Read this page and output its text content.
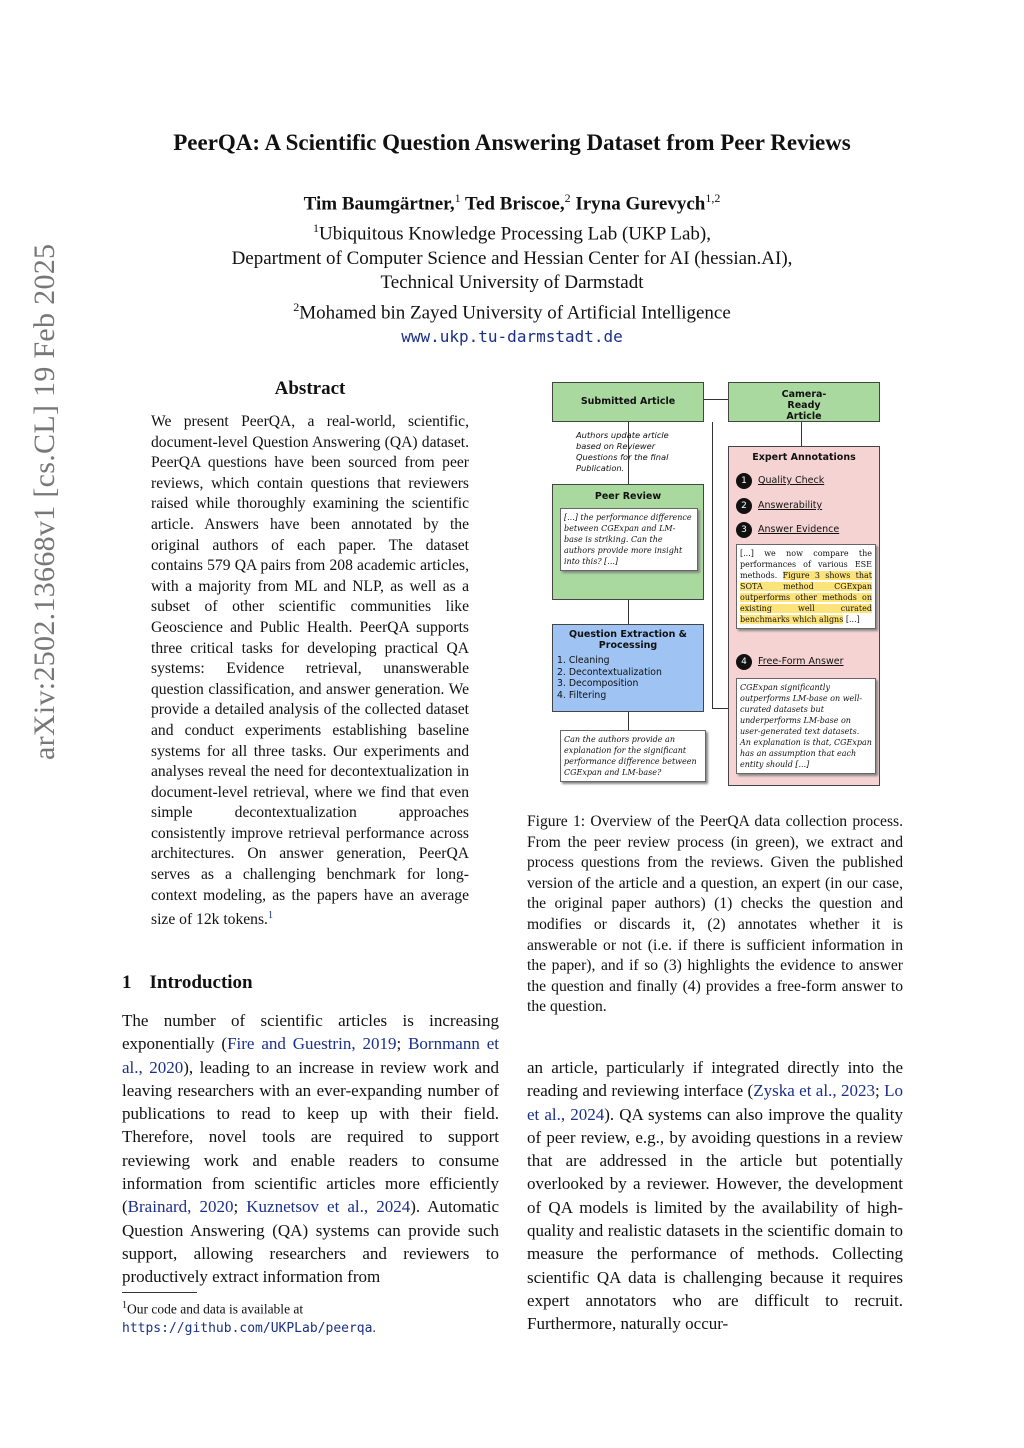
PeerQA: A Scientific Question Answering Dataset from Peer Reviews
Tim Baumgärtner,$^1$ Ted Briscoe,$^2$ Iryna Gurevych$^{1,2}$
$^1$Ubiquitous Knowledge Processing Lab (UKP Lab),
Department of Computer Science and Hessian Center for AI (hessian.AI),
Technical University of Darmstadt
$^2$Mohamed bin Zayed University of Artificial Intelligence
www.ukp.tu-darmstadt.de
arXiv:2502.13668v1 [cs.CL] 19 Feb 2025	Abstract
We present PeerQA, a real-world, scientific, document-level Question Answering (QA) dataset. PeerQA questions have been sourced from peer reviews, which contain questions that reviewers raised while thoroughly examining the scientific article. Answers have been annotated by the original authors of each paper. The dataset contains 579 QA pairs from 208 academic articles, with a majority from ML and NLP, as well as a subset of other scientific communities like Geoscience and Public Health. PeerQA supports three critical tasks for developing practical QA systems: Evidence retrieval, unanswerable question classification, and answer generation. We provide a detailed analysis of the collected dataset and conduct experiments establishing baseline systems for all three tasks. Our experiments and analyses reveal the need for decontextualization in document-level retrieval, where we find that even simple decontextualization approaches consistently improve retrieval performance across architectures. On answer generation, PeerQA serves as a challenging benchmark for long-context modeling, as the papers have an average size of 12k tokens.$^1$
1 Introduction
The number of scientific articles is increasing exponentially (Fire and Guestrin, 2019; Bornmann et al., 2020), leading to an increase in review work and leaving researchers with an ever-expanding number of publications to read to keep up with their field. Therefore, novel tools are required to support reviewing work and enable readers to consume information from scientific articles more efficiently (Brainard, 2020; Kuznetsov et al., 2024). Automatic Question Answering (QA) systems can provide such support, allowing researchers and reviewers to productively extract information from
$^1$Our code and data is available at https://github.com/UKPLab/peerqa.
an article, particularly if integrated directly into the reading and reviewing interface (Zyska et al., 2023; Lo et al., 2024). QA systems can also improve the quality of peer review, e.g., by avoiding questions in a review that are addressed in the article but potentially overlooked by a reviewer. However, the development of QA models is limited by the availability of high-quality and realistic datasets in the scientific domain to measure the performance of methods. Collecting scientific QA data is challenging because it requires expert annotators who are difficult to recruit. Furthermore, naturally occur-
Submitted Article
Camera-Ready Article
Authors update article based on Reviewer Questions for the final Publication.
Peer Review
[...] the performance difference between CGExpan and LM-base is striking. Can the authors provide more insight into this? [...]
Question Extraction & Processing
1. Cleaning
2. Decontextualization
3. Decomposition
4. Filtering
Can the authors provide an explanation for the significant performance difference between CGExpan and LM-base?
Expert Annotations
1	Quality Check
2	Answerability
3	Answer Evidence
[...] we now compare the performances of various ESE methods. Figure 3 shows that SOTA method CGExpan outperforms other methods on existing well curated benchmarks which aligns [...]
4	Free-Form Answer
CGExpan significantly outperforms LM-base on well-curated datasets but underperforms LM-base on user-generated text datasets. An explanation is that, CGExpan has an assumption that each entity should [...]
Figure 1: Overview of the PeerQA data collection process. From the peer review process (in green), we extract and process questions from the reviews. Given the published version of the article and a question, an expert (in our case, the original paper authors) (1) checks the question and modifies or discards it, (2) annotates whether it is answerable or not (i.e. if there is sufficient information in the paper), and if so (3) highlights the evidence to answer the question and finally (4) provides a free-form answer to the question.
